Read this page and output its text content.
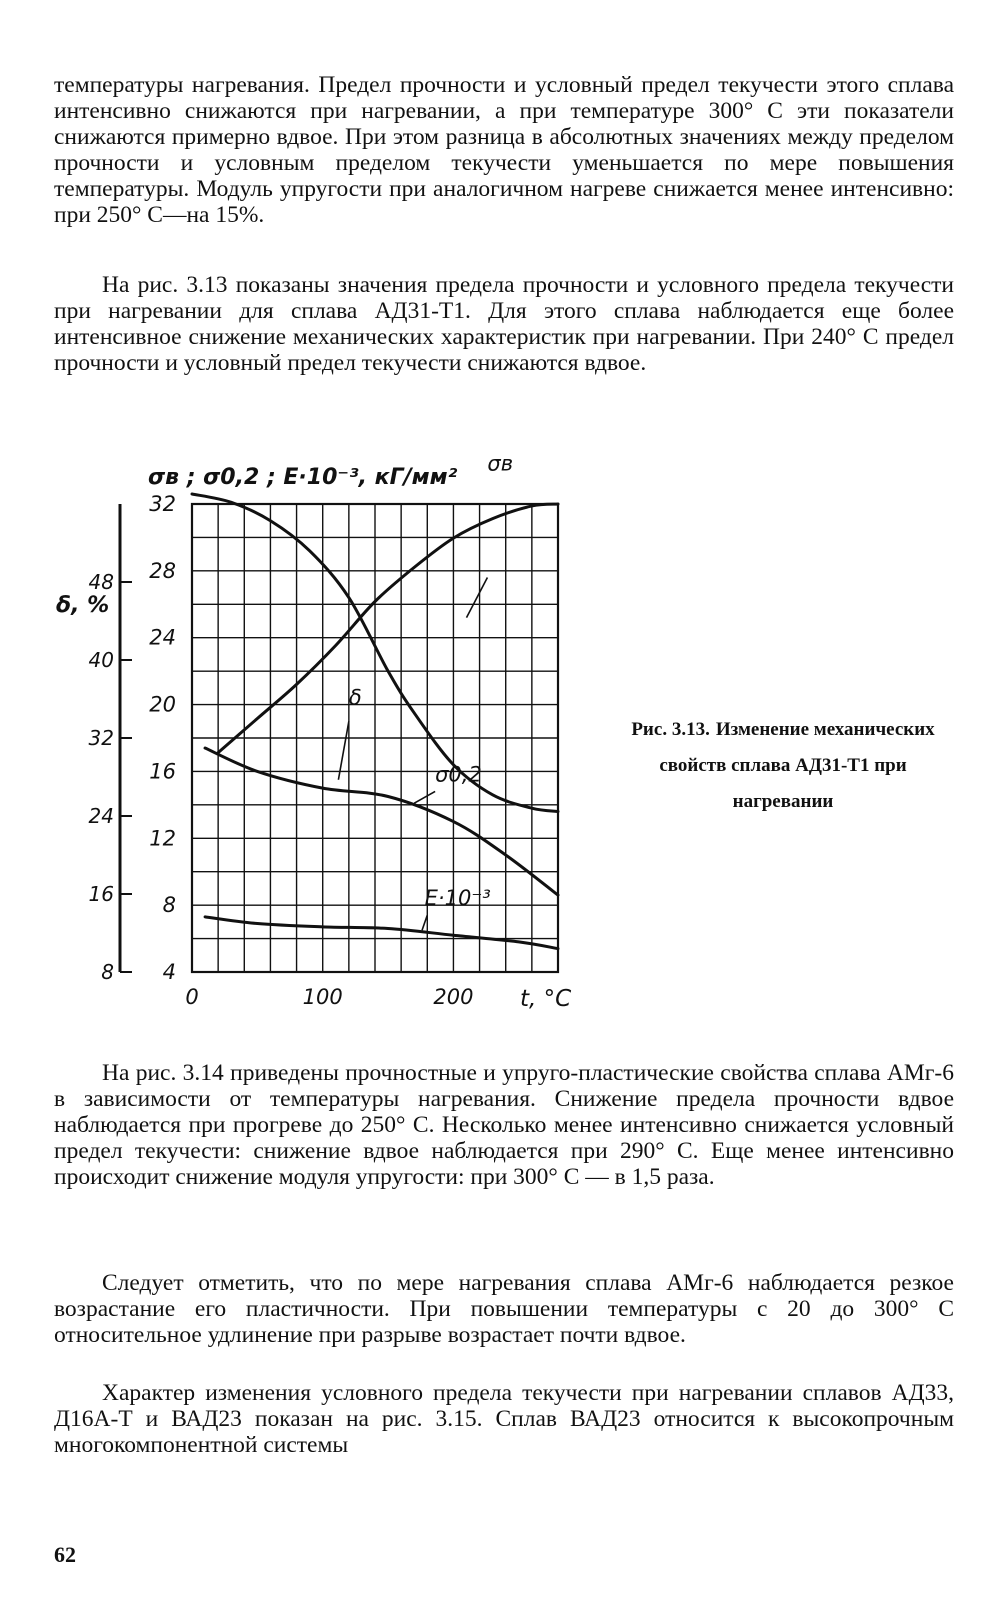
температуры нагревания. Предел прочности и условный предел текучести этого сплава интенсивно снижаются при нагревании, а при температуре 300° С эти показатели снижаются примерно вдвое. При этом разница в абсолютных значениях между пределом прочности и условным пределом текучести уменьшается по мере повышения температуры. Модуль упругости при аналогичном нагреве снижается менее интенсивно: при 250° С—на 15%.

На рис. 3.13 показаны значения предела прочности и условного предела текучести при нагревании для сплава АД31-Т1. Для этого сплава наблюдается еще более интенсивное снижение механических характеристик при нагревании. При 240° С предел прочности и условный предел текучести снижаются вдвое.

4
8
12
16
20
24
28
32
8
16
24
32
40
48
0	100	200
σв ; σ0,2 ; E·10⁻³, кГ/мм²
δ, %
t, °C
σв
δ
σ0,2
E·10⁻³
Рис. 3.13. Изменение механических свойств сплава АД31-Т1 при нагревании

На рис. 3.14 приведены прочностные и упруго-пластические свойства сплава АМг-6 в зависимости от температуры нагревания. Снижение предела прочности вдвое наблюдается при прогреве до 250° С. Несколько менее интенсивно снижается условный предел текучести: снижение вдвое наблюдается при 290° С. Еще менее интенсивно происходит снижение модуля упругости: при 300° С — в 1,5 раза.

Следует отметить, что по мере нагревания сплава АМг-6 наблюдается резкое возрастание его пластичности. При повышении температуры с 20 до 300° С относительное удлинение при разрыве возрастает почти вдвое.

Характер изменения условного предела текучести при нагревании сплавов АД33, Д16А-Т и ВАД23 показан на рис. 3.15. Сплав ВАД23 относится к высокопрочным многокомпонентной системы

62
